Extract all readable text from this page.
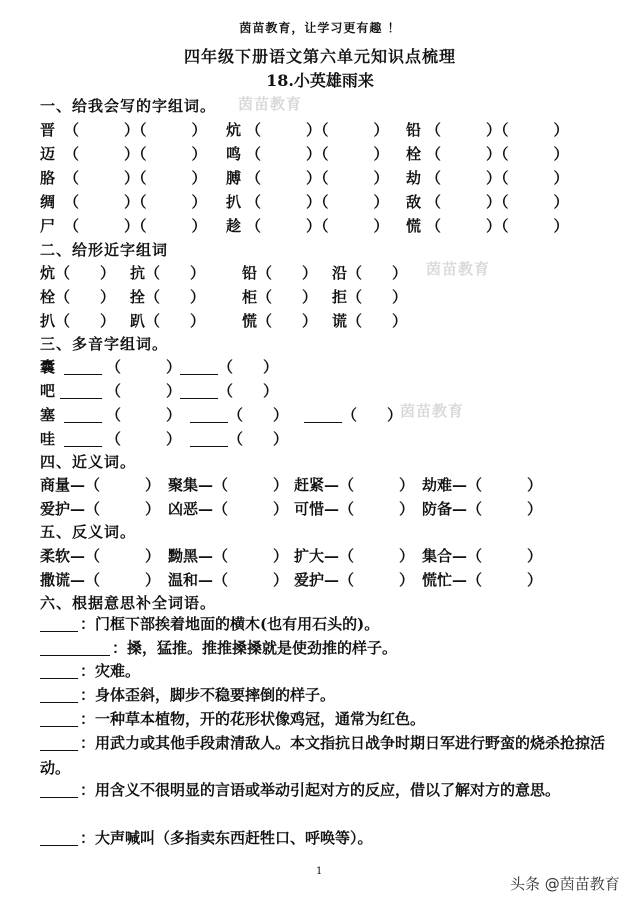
茵苗教育，让学习更有趣 ！
四年级下册语文第六单元知识点梳理
18.小英雄雨来
茵苗教育
茵苗教育
茵苗教育
一、给我会写的字组词。
晋 （　　　）（　　　） 炕 （　　　）（　　　） 铅 （　　　）（　　　）
迈 （　　　）（　　　） 鸣 （　　　）（　　　） 栓 （　　　）（　　　）
胳 （　　　）（　　　） 膊 （　　　）（　　　） 劫 （　　　）（　　　）
绸 （　　　）（　　　） 扒 （　　　）（　　　） 敌 （　　　）（　　　）
尸 （　　　）（　　　） 趁 （　　　）（　　　） 慌 （　　　）（　　　）
二、给形近字组词
炕（　　） 抗（　　） 铅（　　） 沿（　　）
栓（　　） 拴（　　） 柜（　　） 拒（　　）
扒（　　） 趴（　　） 慌（　　） 谎（　　）
三、多音字组词。
囊	（　　　） （　　）
吧	（　　　） （　　）
塞	（　　　）	（　　）	（　　）
哇	（　　　）	（　　）
四、近义词。
商量—（　　　） 聚集—（　　　） 赶紧—（　　　） 劫难—（　　　）
爱护—（　　　） 凶恶—（　　　） 可惜—（　　　） 防备—（　　　）
五、反义词。
柔软—（　　　） 黝黑—（　　　） 扩大—（　　　） 集合—（　　　）
撒谎—（　　　） 温和—（　　　） 爱护—（　　　） 慌忙—（　　　）
六、根据意思补全词语。
：门框下部挨着地面的横木(也有用石头的)。
：搡，猛推。推推搡搡就是使劲推的样子。
：灾难。
：身体歪斜，脚步不稳要摔倒的样子。
：一种草本植物，开的花形状像鸡冠，通常为红色。
：用武力或其他手段肃清敌人。本文指抗日战争时期日军进行野蛮的烧杀抢掠活动。
：用含义不很明显的言语或举动引起对方的反应，借以了解对方的意思。
：大声喊叫（多指卖东西赶牲口、呼唤等）。
1
头条 @茵苗教育
